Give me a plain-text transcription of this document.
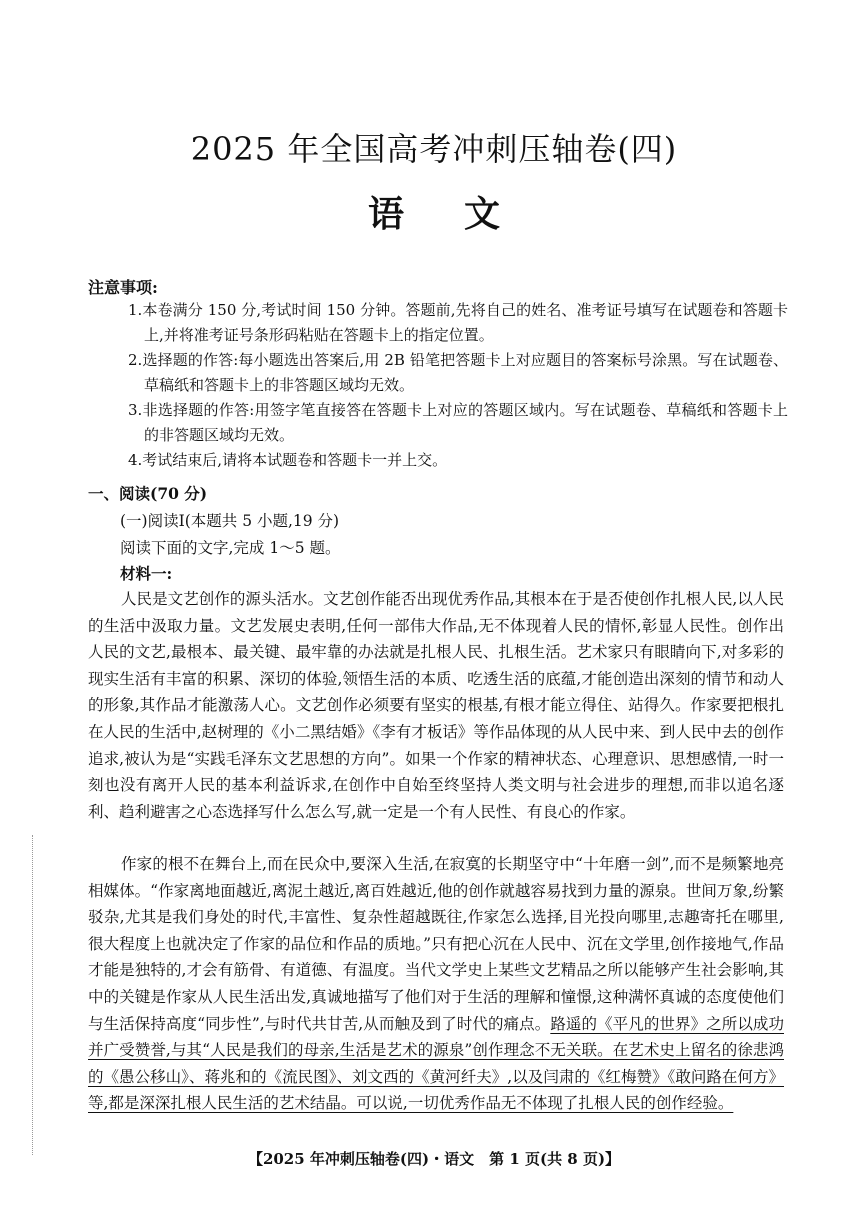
2025 年全国高考冲刺压轴卷(四)
语 文
注意事项:
1.本卷满分 150 分,考试时间 150 分钟。答题前,先将自己的姓名、准考证号填写在试题卷和答题卡上,并将准考证号条形码粘贴在答题卡上的指定位置。
2.选择题的作答:每小题选出答案后,用 2B 铅笔把答题卡上对应题目的答案标号涂黑。写在试题卷、草稿纸和答题卡上的非答题区域均无效。
3.非选择题的作答:用签字笔直接答在答题卡上对应的答题区域内。写在试题卷、草稿纸和答题卡上的非答题区域均无效。
4.考试结束后,请将本试题卷和答题卡一并上交。
一、阅读(70 分)
(一)阅读Ⅰ(本题共 5 小题,19 分)
阅读下面的文字,完成 1～5 题。
材料一:

人民是文艺创作的源头活水。文艺创作能否出现优秀作品,其根本在于是否使创作扎根人民,以人民的生活中汲取力量。文艺发展史表明,任何一部伟大作品,无不体现着人民的情怀,彰显人民性。创作出人民的文艺,最根本、最关键、最牢靠的办法就是扎根人民、扎根生活。艺术家只有眼睛向下,对多彩的现实生活有丰富的积累、深切的体验,领悟生活的本质、吃透生活的底蕴,才能创造出深刻的情节和动人的形象,其作品才能激荡人心。文艺创作必须要有坚实的根基,有根才能立得住、站得久。作家要把根扎在人民的生活中,赵树理的《小二黑结婚》《李有才板话》等作品体现的从人民中来、到人民中去的创作追求,被认为是“实践毛泽东文艺思想的方向”。如果一个作家的精神状态、心理意识、思想感情,一时一刻也没有离开人民的基本利益诉求,在创作中自始至终坚持人类文明与社会进步的理想,而非以追名逐利、趋利避害之心态选择写什么怎么写,就一定是一个有人民性、有良心的作家。

作家的根不在舞台上,而在民众中,要深入生活,在寂寞的长期坚守中“十年磨一剑”,而不是频繁地亮相媒体。“作家离地面越近,离泥土越近,离百姓越近,他的创作就越容易找到力量的源泉。世间万象,纷繁驳杂,尤其是我们身处的时代,丰富性、复杂性超越既往,作家怎么选择,目光投向哪里,志趣寄托在哪里,很大程度上也就决定了作家的品位和作品的质地。”只有把心沉在人民中、沉在文学里,创作接地气,作品才能是独特的,才会有筋骨、有道德、有温度。当代文学史上某些文艺精品之所以能够产生社会影响,其中的关键是作家从人民生活出发,真诚地描写了他们对于生活的理解和憧憬,这种满怀真诚的态度使他们与生活保持高度“同步性”,与时代共甘苦,从而触及到了时代的痛点。路遥的《平凡的世界》之所以成功并广受赞誉,与其“人民是我们的母亲,生活是艺术的源泉”创作理念不无关联。在艺术史上留名的徐悲鸿的《愚公移山》、蒋兆和的《流民图》、刘文西的《黄河纤夫》,以及闫肃的《红梅赞》《敢问路在何方》等,都是深深扎根人民生活的艺术结晶。可以说,一切优秀作品无不体现了扎根人民的创作经验。

【2025 年冲刺压轴卷(四)・语文　第 1 页(共 8 页)】
